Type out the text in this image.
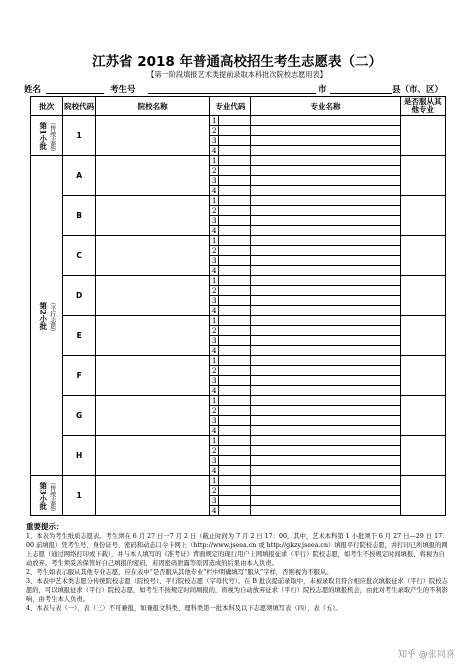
江苏省 2018 年普通高校招生考生志愿表（二）
【第一阶段填报艺术类提前录取本科批次院校志愿用表】
姓名	考生号	市	县（市、区）
批次	院校代码	院校名称	专业代码		专业名称	是否服从其他专业

第1小批 （传统志愿）	1		1			
			2			
			3			
			4			

第2小批 （平行志愿）	A		1			
			2			
			3			
			4			
	B		1			
			2			
			3			
			4			
	C		1			
			2			
			3			
			4			
	D		1			
			2			
			3			
			4			
	E		1			
			2			
			3			
			4			
	F		1			
			2			
			3			
			4			
	G		1			
			2			
			3			
			4			
	H		1			
			2			
			3			
			4			

第3小批 （传统志愿）	1		1			
			2			
			3			
			4			
重要提示：

1、本表为考生纸质志愿表。考生须在 6 月 27 日一7 月 2 日（截止时间为 7 月 2 日 17：00，其中，艺术本科第 1 小批须于 6 月 27 日—29 日 17：00 前填报）凭考生号、身份证号、密码和动态口令卡网上（http://www.jseea.cn 或 http://gkzy.jseea.cn）填报平行院校志愿，并打印已所填报的网上志愿（通过网络打印或下载），并与本人填写的《准考证》背面规定的现行用户上网填报征求（平行）院校志愿，如考生不按规定时间填报，将视为自动放弃。考生须妥善保管好自己填报的密码，若因密码泄露等原因造成的后果由本人负责。

2、考生如表示服从其他专业志愿，应在表中“是否服从其他专业”栏中明确填写“服从”字样，否则视为不服从。

3、本表中艺术类志愿分传统院校志愿（院校号）、平行院校志愿（字母代号）。在 B 批次提前录取中，未被录取且符合相应批次填报征求（平行）院校志愿的，可以填报征求（平行）院校志愿，如考生不按规定时间填报的，将视为自动放弃征求（平行）院校志愿的填报机会，由此对考生录取产生的不利影响，由考生本人负责。

4、本表与表（一）、表（三）不可兼报，如兼报文科类、理科类第一批本科及以下志愿须填写表（四）、表（五）。

知乎 @张同喜
